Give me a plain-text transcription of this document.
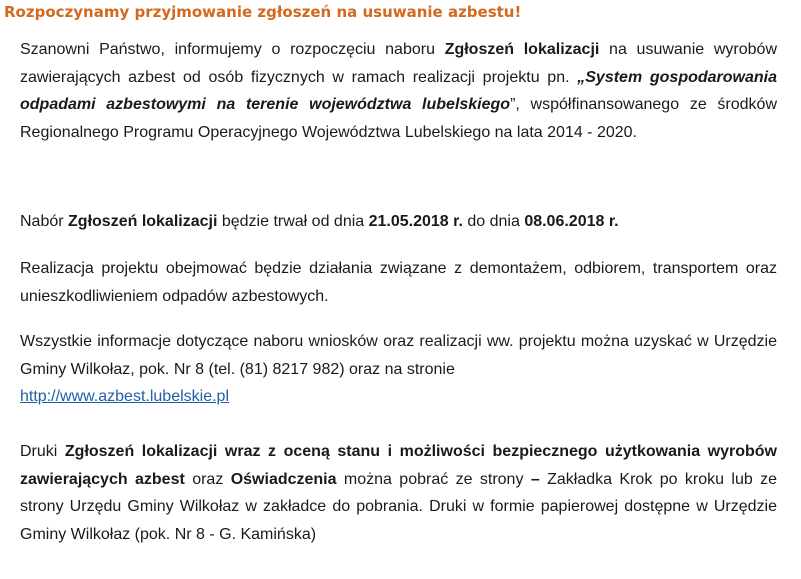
Rozpoczynamy przyjmowanie zgłoszeń na usuwanie azbestu!

Szanowni Państwo, informujemy o rozpoczęciu naboru Zgłoszeń lokalizacji na usuwanie wyrobów zawierających azbest od osób fizycznych w ramach realizacji projektu pn. „System gospodarowania odpadami azbestowymi na terenie województwa lubelskiego”, współfinansowanego ze środków Regionalnego Programu Operacyjnego Województwa Lubelskiego na lata 2014 - 2020.

Nabór Zgłoszeń lokalizacji będzie trwał od dnia 21.05.2018 r. do dnia 08.06.2018 r.

Realizacja projektu obejmować będzie działania związane z demontażem, odbiorem, transportem oraz unieszkodliwieniem odpadów azbestowych.

Wszystkie informacje dotyczące naboru wniosków oraz realizacji ww. projektu można uzyskać w Urzędzie Gminy Wilkołaz, pok. Nr 8 (tel. (81) 8217 982) oraz na stronie
http://www.azbest.lubelskie.pl

Druki Zgłoszeń lokalizacji wraz z oceną stanu i możliwości bezpiecznego użytkowania wyrobów zawierających azbest oraz Oświadczenia można pobrać ze strony – Zakładka Krok po kroku lub ze strony Urzędu Gminy Wilkołaz w zakładce do pobrania. Druki w formie papierowej dostępne w Urzędzie Gminy Wilkołaz (pok. Nr 8 - G. Kamińska)
